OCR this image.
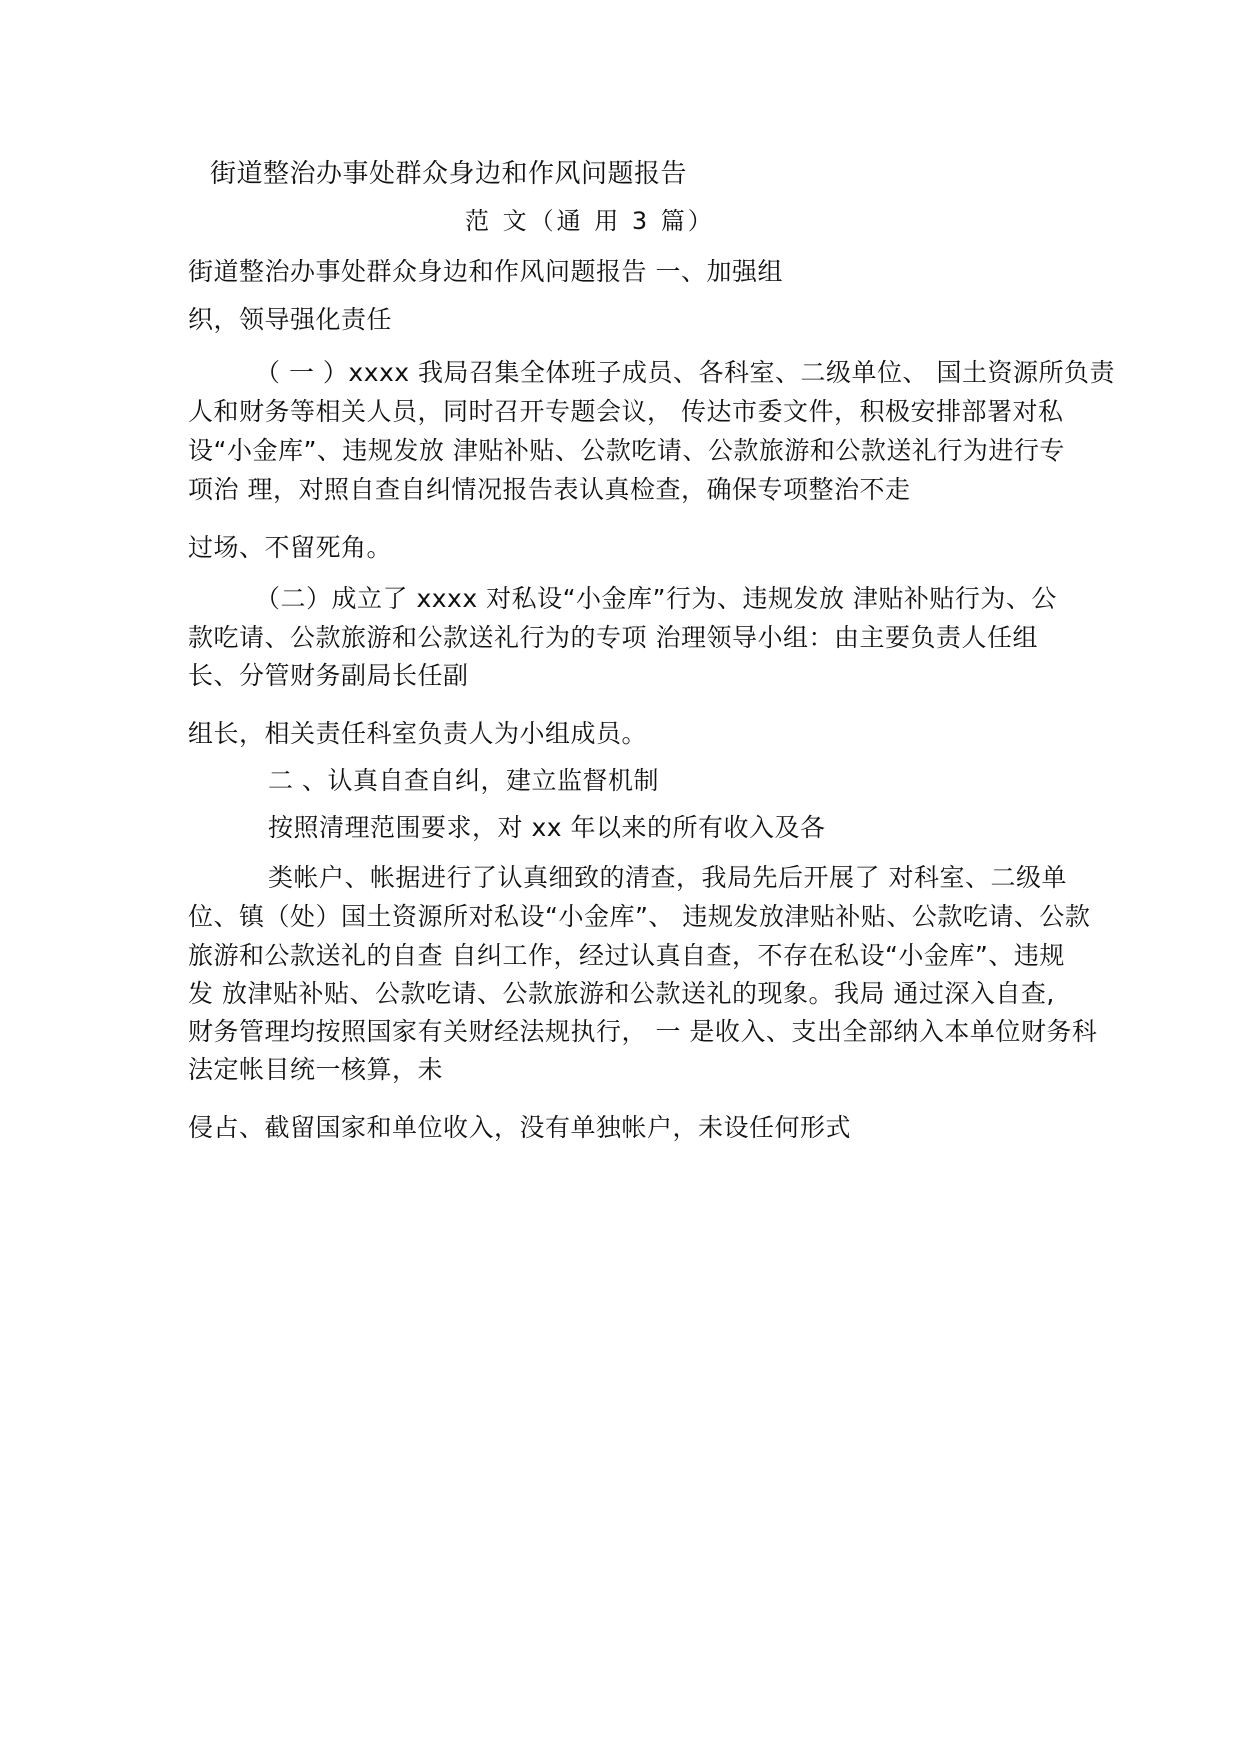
街道整治办事处群众身边和作风问题报告
范 文（通 用 3 篇）
街道整治办事处群众身边和作风问题报告 一、加强组
织，领导强化责任
（ 一 ）xxxx 我局召集全体班子成员、各科室、二级单位、 国土资源所负责
人和财务等相关人员，同时召开专题会议， 传达市委文件，积极安排部署对私
设“小金库”、违规发放 津贴补贴、公款吃请、公款旅游和公款送礼行为进行专
项治 理，对照自查自纠情况报告表认真检查，确保专项整治不走
过场、不留死角。
（二）成立了 xxxx 对私设“小金库”行为、违规发放 津贴补贴行为、公
款吃请、公款旅游和公款送礼行为的专项 治理领导小组：由主要负责人任组
长、分管财务副局长任副
组长，相关责任科室负责人为小组成员。
二 、认真自查自纠，建立监督机制
按照清理范围要求，对 xx 年以来的所有收入及各
类帐户、帐据进行了认真细致的清查，我局先后开展了 对科室、二级单
位、镇（处）国土资源所对私设“小金库”、 违规发放津贴补贴、公款吃请、公款
旅游和公款送礼的自查 自纠工作，经过认真自查，不存在私设“小金库”、违规
发 放津贴补贴、公款吃请、公款旅游和公款送礼的现象。我局 通过深入自查,
财务管理均按照国家有关财经法规执行， 一 是收入、支出全部纳入本单位财务科
法定帐目统一核算，未
侵占、截留国家和单位收入，没有单独帐户，未设任何形式
